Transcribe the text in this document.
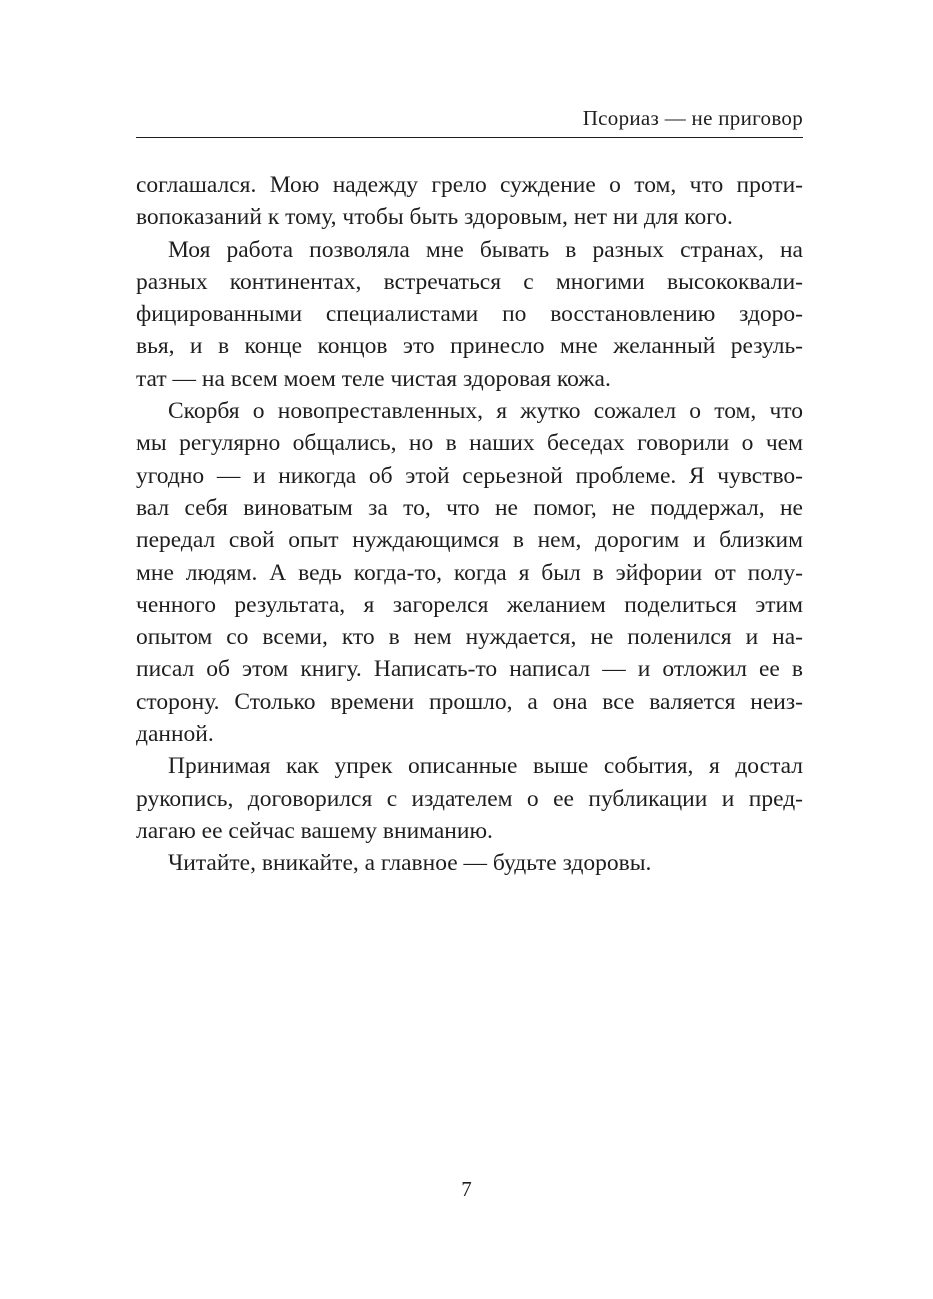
Псориаз — не приговор
соглашался. Мою надежду грело суждение о том, что проти-
вопоказаний к тому, чтобы быть здоровым, нет ни для кого.
Моя работа позволяла мне бывать в разных странах, на
разных континентах, встречаться с многими высококвали-
фицированными специалистами по восстановлению здоро-
вья, и в конце концов это принесло мне желанный резуль-
тат — на всем моем теле чистая здоровая кожа.
Скорбя о новопреставленных, я жутко сожалел о том, что
мы регулярно общались, но в наших беседах говорили о чем
угодно — и никогда об этой серьезной проблеме. Я чувство-
вал себя виноватым за то, что не помог, не поддержал, не
передал свой опыт нуждающимся в нем, дорогим и близким
мне людям. А ведь когда-то, когда я был в эйфории от полу-
ченного результата, я загорелся желанием поделиться этим
опытом со всеми, кто в нем нуждается, не поленился и на-
писал об этом книгу. Написать-то написал — и отложил ее в
сторону. Столько времени прошло, а она все валяется неиз-
данной.
Принимая как упрек описанные выше события, я достал
рукопись, договорился с издателем о ее публикации и пред-
лагаю ее сейчас вашему вниманию.
Читайте, вникайте, а главное — будьте здоровы.
7
